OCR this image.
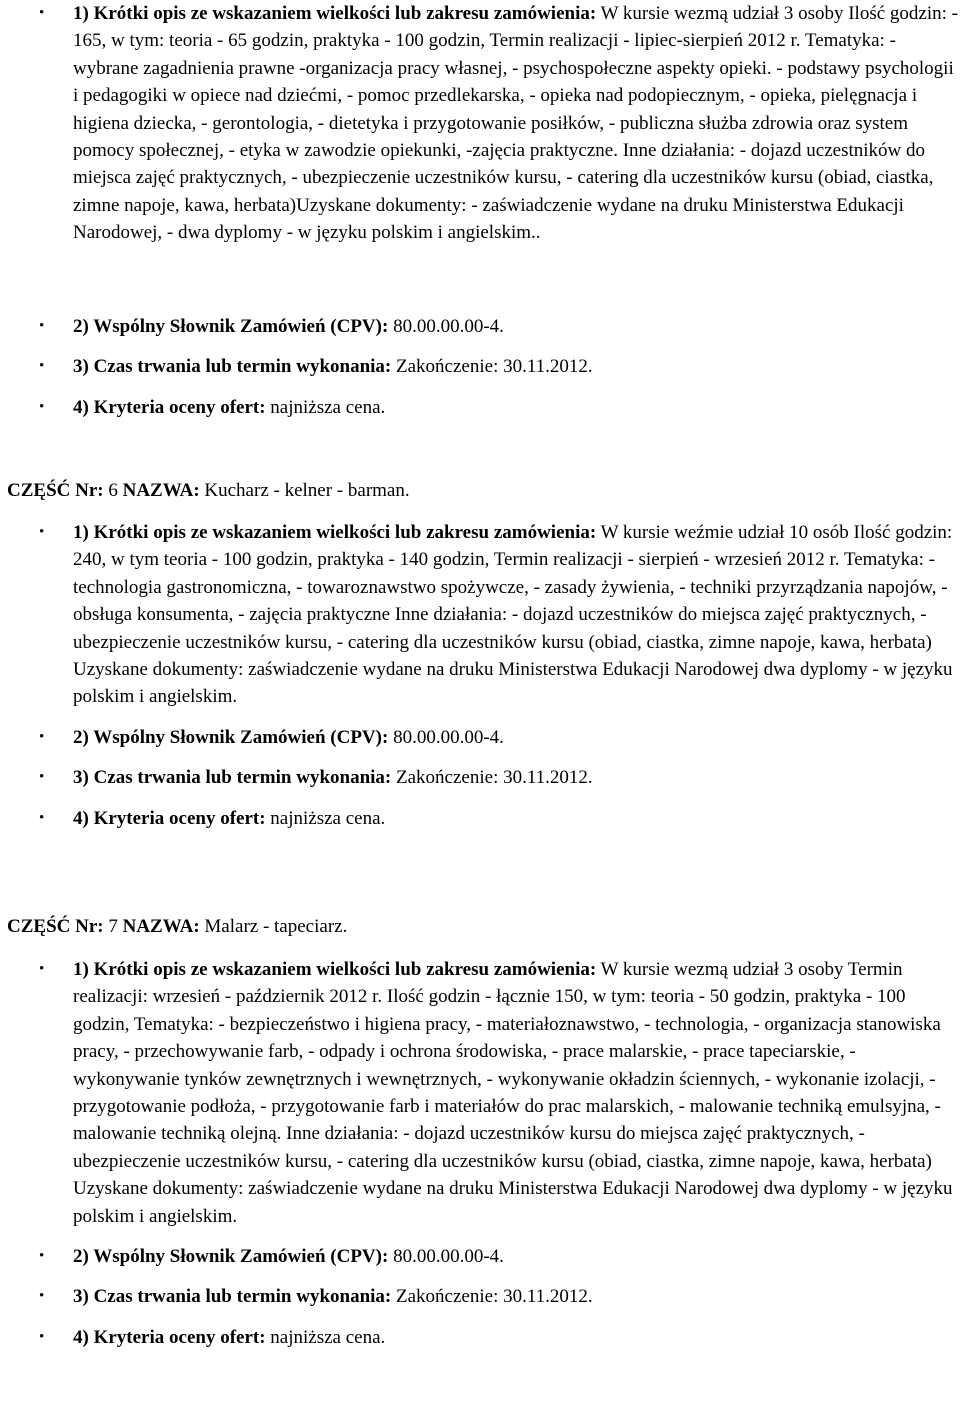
• 1) Krótki opis ze wskazaniem wielkości lub zakresu zamówienia: W kursie wezmą udział 3 osoby Ilość godzin: - 165, w tym: teoria - 65 godzin, praktyka - 100 godzin, Termin realizacji - lipiec-sierpień 2012 r. Tematyka: - wybrane zagadnienia prawne -organizacja pracy własnej, - psychospołeczne aspekty opieki. - podstawy psychologii i pedagogiki w opiece nad dziećmi, - pomoc przedlekarska, - opieka nad podopiecznym, - opieka, pielęgnacja i higiena dziecka, - gerontologia, - dietetyka i przygotowanie posiłków, - publiczna służba zdrowia oraz system pomocy społecznej, - etyka w zawodzie opiekunki, -zajęcia praktyczne. Inne działania: - dojazd uczestników do miejsca zajęć praktycznych, - ubezpieczenie uczestników kursu, - catering dla uczestników kursu (obiad, ciastka, zimne napoje, kawa, herbata)Uzyskane dokumenty: - zaświadczenie wydane na druku Ministerstwa Edukacji Narodowej, - dwa dyplomy - w języku polskim i angielskim..
• 2) Wspólny Słownik Zamówień (CPV): 80.00.00.00-4.
• 3) Czas trwania lub termin wykonania: Zakończenie: 30.11.2012.
• 4) Kryteria oceny ofert: najniższa cena.

CZĘŚĆ Nr: 6 NAZWA: Kucharz - kelner - barman.

• 1) Krótki opis ze wskazaniem wielkości lub zakresu zamówienia: W kursie weźmie udział 10 osób Ilość godzin: 240, w tym teoria - 100 godzin, praktyka - 140 godzin, Termin realizacji - sierpień - wrzesień 2012 r. Tematyka: - technologia gastronomiczna, - towaroznawstwo spożywcze, - zasady żywienia, - techniki przyrządzania napojów, - obsługa konsumenta, - zajęcia praktyczne Inne działania: - dojazd uczestników do miejsca zajęć praktycznych, - ubezpieczenie uczestników kursu, - catering dla uczestników kursu (obiad, ciastka, zimne napoje, kawa, herbata) Uzyskane dokumenty: zaświadczenie wydane na druku Ministerstwa Edukacji Narodowej dwa dyplomy - w języku polskim i angielskim.
• 2) Wspólny Słownik Zamówień (CPV): 80.00.00.00-4.
• 3) Czas trwania lub termin wykonania: Zakończenie: 30.11.2012.
• 4) Kryteria oceny ofert: najniższa cena.

CZĘŚĆ Nr: 7 NAZWA: Malarz - tapeciarz.

• 1) Krótki opis ze wskazaniem wielkości lub zakresu zamówienia: W kursie wezmą udział 3 osoby Termin realizacji: wrzesień - październik 2012 r. Ilość godzin - łącznie 150, w tym: teoria - 50 godzin, praktyka - 100 godzin, Tematyka: - bezpieczeństwo i higiena pracy, - materiałoznawstwo, - technologia, - organizacja stanowiska pracy, - przechowywanie farb, - odpady i ochrona środowiska, - prace malarskie, - prace tapeciarskie, - wykonywanie tynków zewnętrznych i wewnętrznych, - wykonywanie okładzin ściennych, - wykonanie izolacji, - przygotowanie podłoża, - przygotowanie farb i materiałów do prac malarskich, - malowanie techniką emulsyjna, - malowanie techniką olejną. Inne działania: - dojazd uczestników kursu do miejsca zajęć praktycznych, - ubezpieczenie uczestników kursu, - catering dla uczestników kursu (obiad, ciastka, zimne napoje, kawa, herbata) Uzyskane dokumenty: zaświadczenie wydane na druku Ministerstwa Edukacji Narodowej dwa dyplomy - w języku polskim i angielskim.
• 2) Wspólny Słownik Zamówień (CPV): 80.00.00.00-4.
• 3) Czas trwania lub termin wykonania: Zakończenie: 30.11.2012.
• 4) Kryteria oceny ofert: najniższa cena.
